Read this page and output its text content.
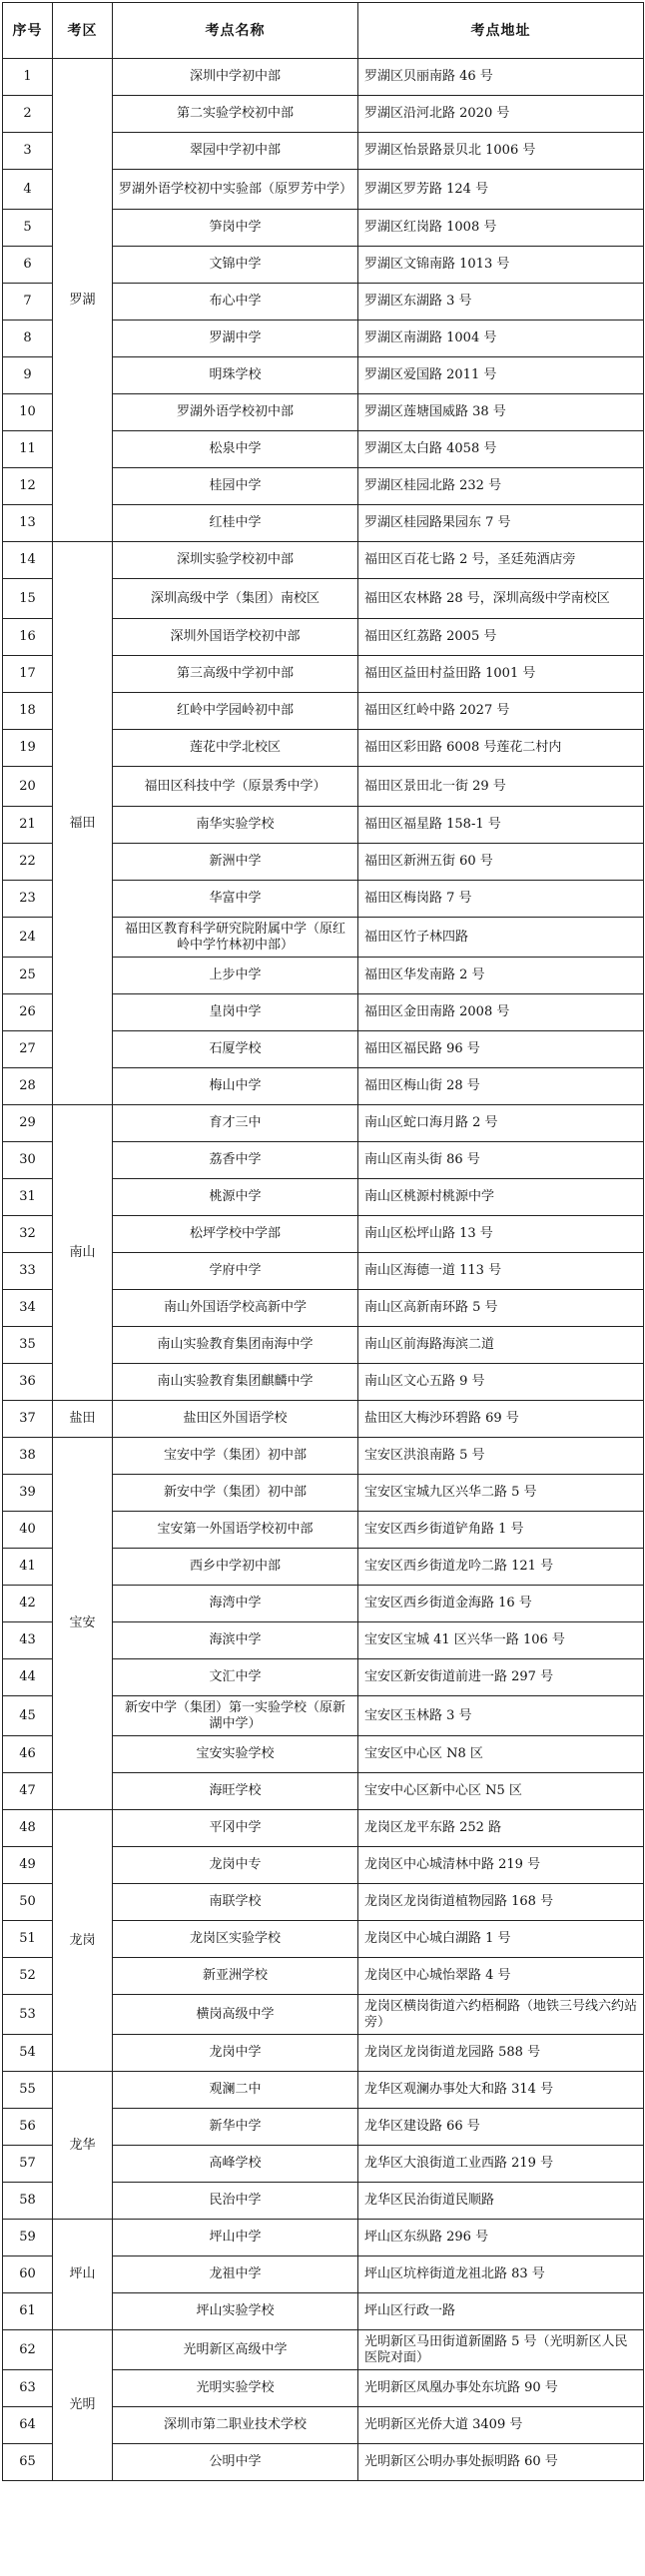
序号	考区	考点名称	考点地址
1	罗湖	深圳中学初中部	罗湖区贝丽南路 46 号
2		第二实验学校初中部	罗湖区沿河北路 2020 号
3		翠园中学初中部	罗湖区怡景路景贝北 1006 号
4		罗湖外语学校初中实验部（原罗芳中学）	罗湖区罗芳路 124 号
5		笋岗中学	罗湖区红岗路 1008 号
6		文锦中学	罗湖区文锦南路 1013 号
7		布心中学	罗湖区东湖路 3 号
8		罗湖中学	罗湖区南湖路 1004 号
9		明珠学校	罗湖区爱国路 2011 号
10		罗湖外语学校初中部	罗湖区莲塘国威路 38 号
11		松泉中学	罗湖区太白路 4058 号
12		桂园中学	罗湖区桂园北路 232 号
13		红桂中学	罗湖区桂园路果园东 7 号
14	福田	深圳实验学校初中部	福田区百花七路 2 号，圣廷苑酒店旁
15		深圳高级中学（集团）南校区	福田区农林路 28 号，深圳高级中学南校区
16		深圳外国语学校初中部	福田区红荔路 2005 号
17		第三高级中学初中部	福田区益田村益田路 1001 号
18		红岭中学园岭初中部	福田区红岭中路 2027 号
19		莲花中学北校区	福田区彩田路 6008 号莲花二村内
20		福田区科技中学（原景秀中学）	福田区景田北一街 29 号
21		南华实验学校	福田区福星路 158-1 号
22		新洲中学	福田区新洲五街 60 号
23		华富中学	福田区梅岗路 7 号
24		福田区教育科学研究院附属中学（原红岭中学竹林初中部）	福田区竹子林四路
25		上步中学	福田区华发南路 2 号
26		皇岗中学	福田区金田南路 2008 号
27		石厦学校	福田区福民路 96 号
28		梅山中学	福田区梅山街 28 号
29	南山	育才三中	南山区蛇口海月路 2 号
30		荔香中学	南山区南头街 86 号
31		桃源中学	南山区桃源村桃源中学
32		松坪学校中学部	南山区松坪山路 13 号
33		学府中学	南山区海德一道 113 号
34		南山外国语学校高新中学	南山区高新南环路 5 号
35		南山实验教育集团南海中学	南山区前海路海滨二道
36		南山实验教育集团麒麟中学	南山区文心五路 9 号
37	盐田	盐田区外国语学校	盐田区大梅沙环碧路 69 号
38	宝安	宝安中学（集团）初中部	宝安区洪浪南路 5 号
39		新安中学（集团）初中部	宝安区宝城九区兴华二路 5 号
40		宝安第一外国语学校初中部	宝安区西乡街道铲角路 1 号
41		西乡中学初中部	宝安区西乡街道龙吟二路 121 号
42		海湾中学	宝安区西乡街道金海路 16 号
43		海滨中学	宝安区宝城 41 区兴华一路 106 号
44		文汇中学	宝安区新安街道前进一路 297 号
45		新安中学（集团）第一实验学校（原新湖中学）	宝安区玉林路 3 号
46		宝安实验学校	宝安区中心区 N8 区
47		海旺学校	宝安中心区新中心区 N5 区
48	龙岗	平冈中学	龙岗区龙平东路 252 路
49		龙岗中专	龙岗区中心城清林中路 219 号
50		南联学校	龙岗区龙岗街道植物园路 168 号
51		龙岗区实验学校	龙岗区中心城白湖路 1 号
52		新亚洲学校	龙岗区中心城怡翠路 4 号
53		横岗高级中学	龙岗区横岗街道六约梧桐路（地铁三号线六约站旁）
54		龙岗中学	龙岗区龙岗街道龙园路 588 号
55	龙华	观澜二中	龙华区观澜办事处大和路 314 号
56		新华中学	龙华区建设路 66 号
57		高峰学校	龙华区大浪街道工业西路 219 号
58		民治中学	龙华区民治街道民顺路
59	坪山	坪山中学	坪山区东纵路 296 号
60		龙祖中学	坪山区坑梓街道龙祖北路 83 号
61		坪山实验学校	坪山区行政一路
62	光明	光明新区高级中学	光明新区马田街道新圍路 5 号（光明新区人民医院对面）
63		光明实验学校	光明新区凤凰办事处东坑路 90 号
64		深圳市第二职业技术学校	光明新区光侨大道 3409 号
65		公明中学	光明新区公明办事处振明路 60 号
